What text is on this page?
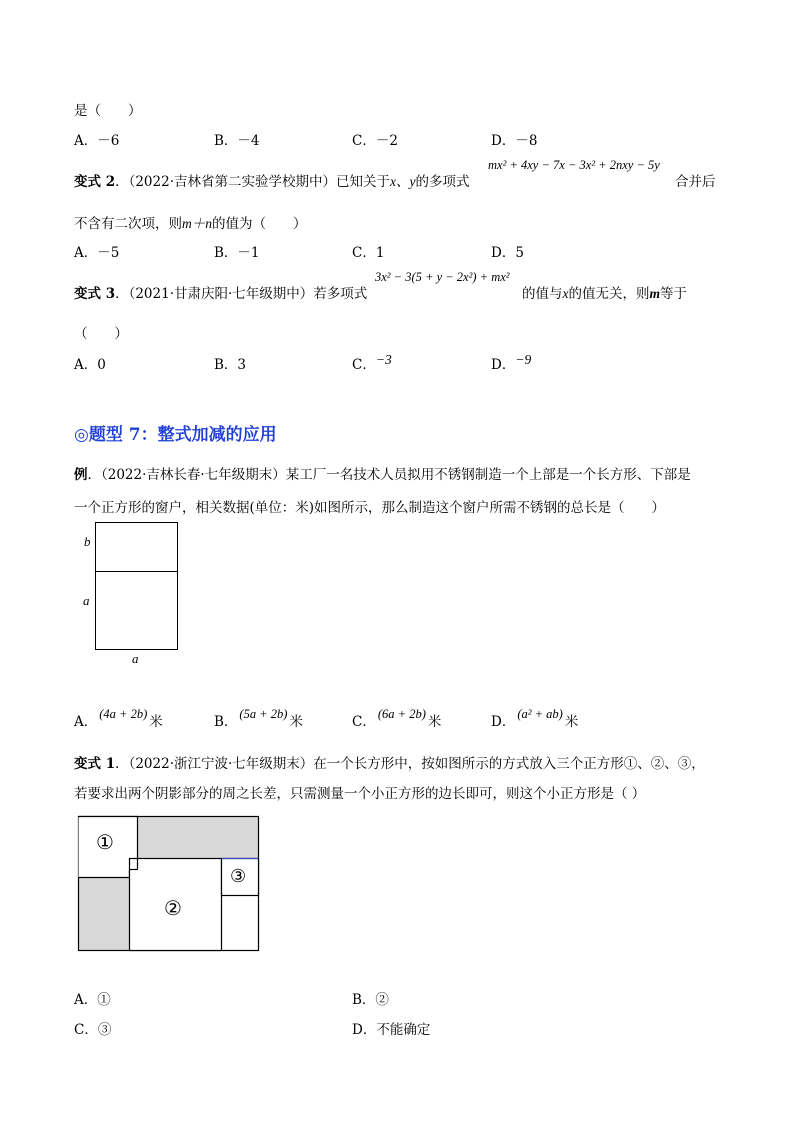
是（　　）
A．－6	B．－4	C．－2	D．－8
变式 2．（2022·吉林省第二实验学校期中）已知关于x、y的多项式
mx² + 4xy − 7x − 3x² + 2nxy − 5y
合并后
不含有二次项，则m＋n的值为（　　）
A．－5	B．－1	C．1	D．5
变式 3．（2021·甘肃庆阳·七年级期中）若多项式
3x² − 3(5 + y − 2x²) + mx²
的值与x的值无关，则m等于
（　　）
A．0	B．3	C．−3	D．−9
◎题型 7：整式加减的应用
例．（2022·吉林长春·七年级期末）某工厂一名技术人员拟用不锈钢制造一个上部是一个长方形、下部是
一个正方形的窗户，相关数据(单位：米)如图所示，那么制造这个窗户所需不锈钢的总长是（　　）
b
a
a
A． (4a + 2b) 米	B． (5a + 2b) 米	C． (6a + 2b) 米	D． (a² + ab) 米
变式 1．（2022·浙江宁波·七年级期末）在一个长方形中，按如图所示的方式放入三个正方形①、②、③，
若要求出两个阴影部分的周之长差，只需测量一个小正方形的边长即可，则这个小正方形是（ ）
①
②
③
A．①	B．②
C．③	D．不能确定
